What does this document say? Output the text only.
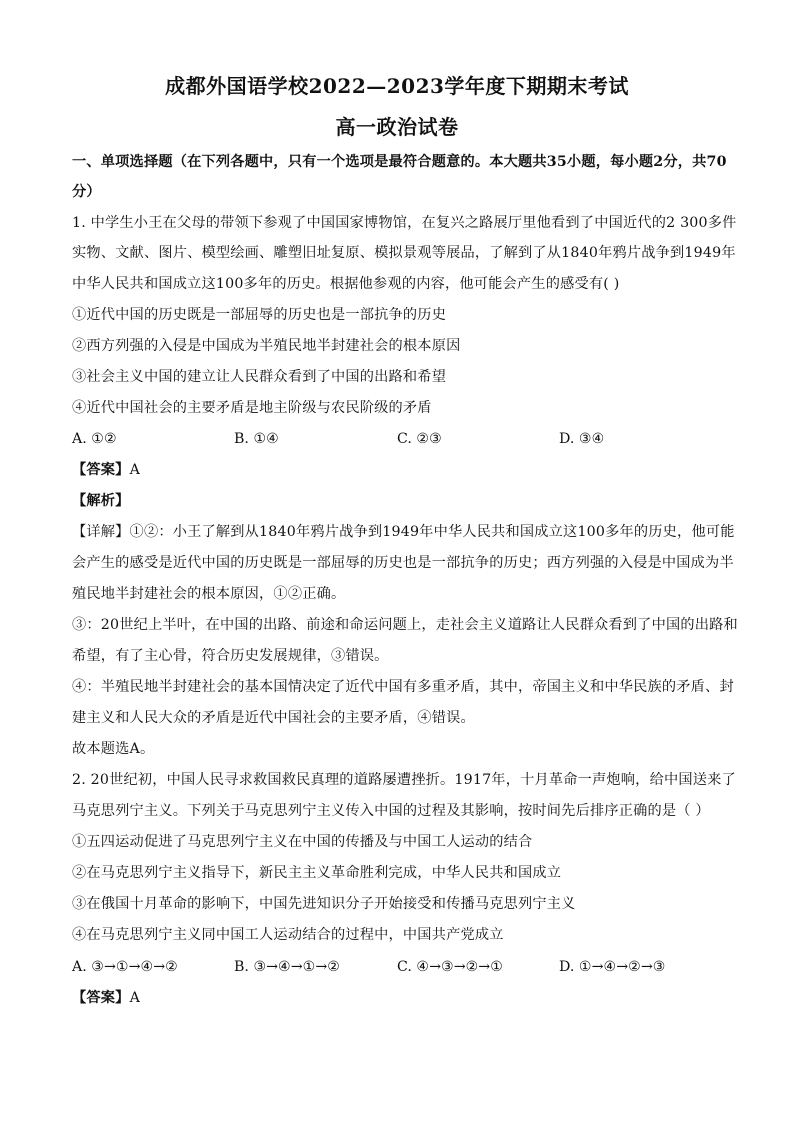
成都外国语学校2022—2023学年度下期期末考试
高一政治试卷
一、单项选择题（在下列各题中，只有一个选项是最符合题意的。本大题共35小题，每小题2分，共70
分）
1. 中学生小王在父母的带领下参观了中国国家博物馆，在复兴之路展厅里他看到了中国近代的2 300多件
实物、文献、图片、模型绘画、雕塑旧址复原、模拟景观等展品，了解到了从1840年鸦片战争到1949年
中华人民共和国成立这100多年的历史。根据他参观的内容，他可能会产生的感受有( )
①近代中国的历史既是一部屈辱的历史也是一部抗争的历史
②西方列强的入侵是中国成为半殖民地半封建社会的根本原因
③社会主义中国的建立让人民群众看到了中国的出路和希望
④近代中国社会的主要矛盾是地主阶级与农民阶级的矛盾
A. ①②	B. ①④	C. ②③	D. ③④
【答案】A
【解析】
【详解】①②：小王了解到从1840年鸦片战争到1949年中华人民共和国成立这100多年的历史，他可能
会产生的感受是近代中国的历史既是一部屈辱的历史也是一部抗争的历史；西方列强的入侵是中国成为半
殖民地半封建社会的根本原因，①②正确。
③：20世纪上半叶，在中国的出路、前途和命运问题上，走社会主义道路让人民群众看到了中国的出路和
希望，有了主心骨，符合历史发展规律，③错误。
④：半殖民地半封建社会的基本国情决定了近代中国有多重矛盾，其中，帝国主义和中华民族的矛盾、封
建主义和人民大众的矛盾是近代中国社会的主要矛盾，④错误。
故本题选A。
2. 20世纪初，中国人民寻求救国救民真理的道路屡遭挫折。1917年，十月革命一声炮响，给中国送来了
马克思列宁主义。下列关于马克思列宁主义传入中国的过程及其影响，按时间先后排序正确的是（ ）
①五四运动促进了马克思列宁主义在中国的传播及与中国工人运动的结合
②在马克思列宁主义指导下，新民主主义革命胜利完成，中华人民共和国成立
③在俄国十月革命的影响下，中国先进知识分子开始接受和传播马克思列宁主义
④在马克思列宁主义同中国工人运动结合的过程中，中国共产党成立
A. ③→①→④→②	B. ③→④→①→②	C. ④→③→②→①	D. ①→④→②→③
【答案】A
